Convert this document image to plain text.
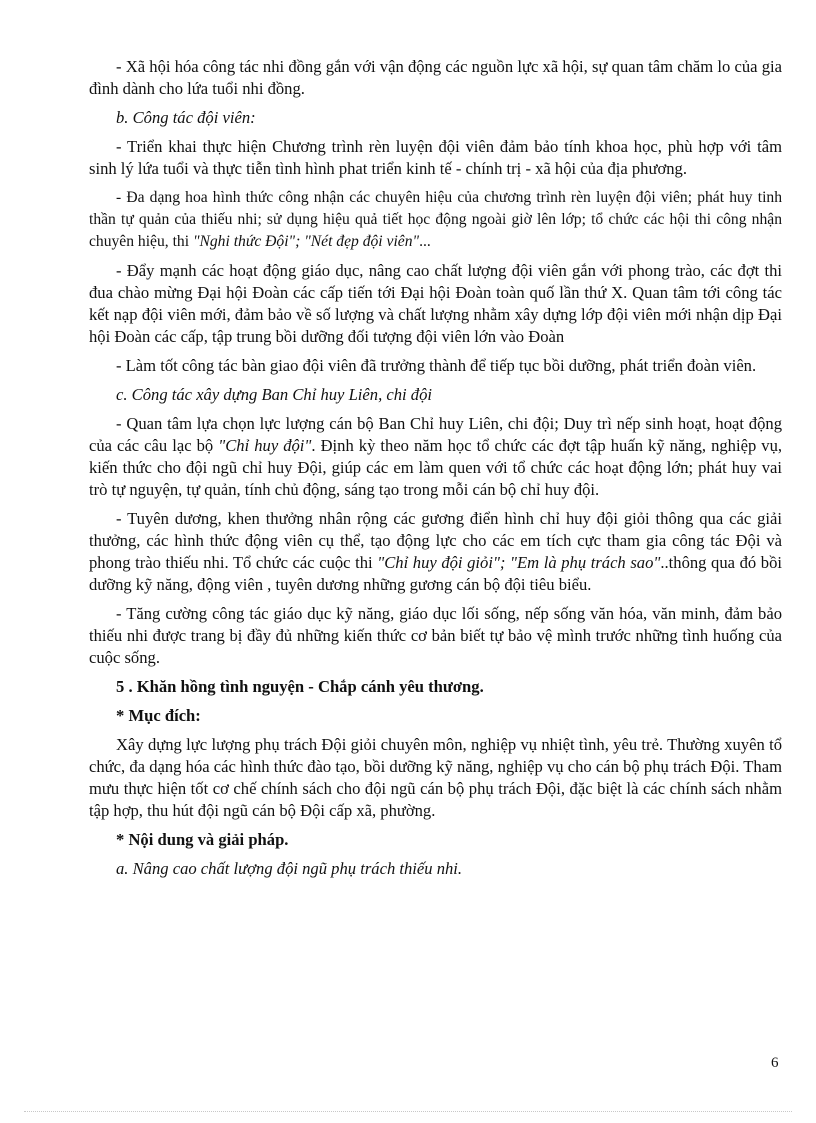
- Xã hội hóa công tác nhi đồng gắn với vận động các nguồn lực xã hội, sự quan tâm chăm lo của gia đình dành cho lứa tuổi nhi đồng.

b. Công tác đội viên:

- Triển khai thực hiện Chương trình rèn luyện đội viên đảm bảo tính khoa học, phù hợp với tâm sinh lý lứa tuổi và thực tiễn tình hình phat triển kinh tế - chính trị - xã hội của địa phương.

- Đa dạng hoa hình thức công nhận các chuyên hiệu của chương trình rèn luyện đội viên; phát huy tinh thần tự quản của thiếu nhi; sử dụng hiệu quả tiết học động ngoài giờ lên lớp; tổ chức các hội thi công nhận chuyên hiệu, thi "Nghi thức Đội"; "Nét đẹp đội viên"...

- Đẩy mạnh các hoạt động giáo dục, nâng cao chất lượng đội viên gắn với phong trào, các đợt thi đua chào mừng Đại hội Đoàn các cấp tiến tới Đại hội Đoàn toàn quố lần thứ X. Quan tâm tới công tác kết nạp đội viên mới, đảm bảo về số lượng và chất lượng nhằm xây dựng lớp đội viên mới nhận dịp Đại hội Đoàn các cấp, tập trung bồi dưỡng đối tượng đội viên lớn vào Đoàn

- Làm tốt công tác bàn giao đội viên đã trưởng thành để tiếp tục bồi dưỡng, phát triển đoàn viên.

c. Công tác xây dựng Ban Chỉ huy Liên, chi đội

- Quan tâm lựa chọn lực lượng cán bộ Ban Chỉ huy Liên, chi đội; Duy trì nếp sinh hoạt, hoạt động của các câu lạc bộ "Chỉ huy đội". Định kỳ theo năm học tổ chức các đợt tập huấn kỹ năng, nghiệp vụ, kiến thức cho đội ngũ chỉ huy Đội, giúp các em làm quen với tổ chức các hoạt động lớn; phát huy vai trò tự nguyện, tự quản, tính chủ động, sáng tạo trong mỗi cán bộ chỉ huy đội.

- Tuyên dương, khen thưởng nhân rộng các gương điển hình chỉ huy đội giỏi thông qua các giải thưởng, các hình thức động viên cụ thể, tạo động lực cho các em tích cực tham gia công tác Đội và phong trào thiếu nhi. Tổ chức các cuộc thi "Chỉ huy đội giỏi"; "Em là phụ trách sao"..thông qua đó bồi dưỡng kỹ năng, động viên , tuyên dương những gương cán bộ đội tiêu biểu.

- Tăng cường công tác giáo dục kỹ năng, giáo dục lối sống, nếp sống văn hóa, văn minh, đảm bảo thiếu nhi được trang bị đầy đủ những kiến thức cơ bản biết tự bảo vệ mình trước những tình huống của cuộc sống.

5 . Khăn hồng tình nguyện - Chắp cánh yêu thương.

* Mục đích:

Xây dựng lực lượng phụ trách Đội giỏi chuyên môn, nghiệp vụ nhiệt tình, yêu trẻ. Thường xuyên tổ chức, đa dạng hóa các hình thức đào tạo, bồi dưỡng kỹ năng, nghiệp vụ cho cán bộ phụ trách Đội. Tham mưu thực hiện tốt cơ chế chính sách cho đội ngũ cán bộ phụ trách Đội, đặc biệt là các chính sách nhằm tập hợp, thu hút đội ngũ cán bộ Đội cấp xã, phường.

* Nội dung và giải pháp.

a. Nâng cao chất lượng đội ngũ phụ trách thiếu nhi.

6
